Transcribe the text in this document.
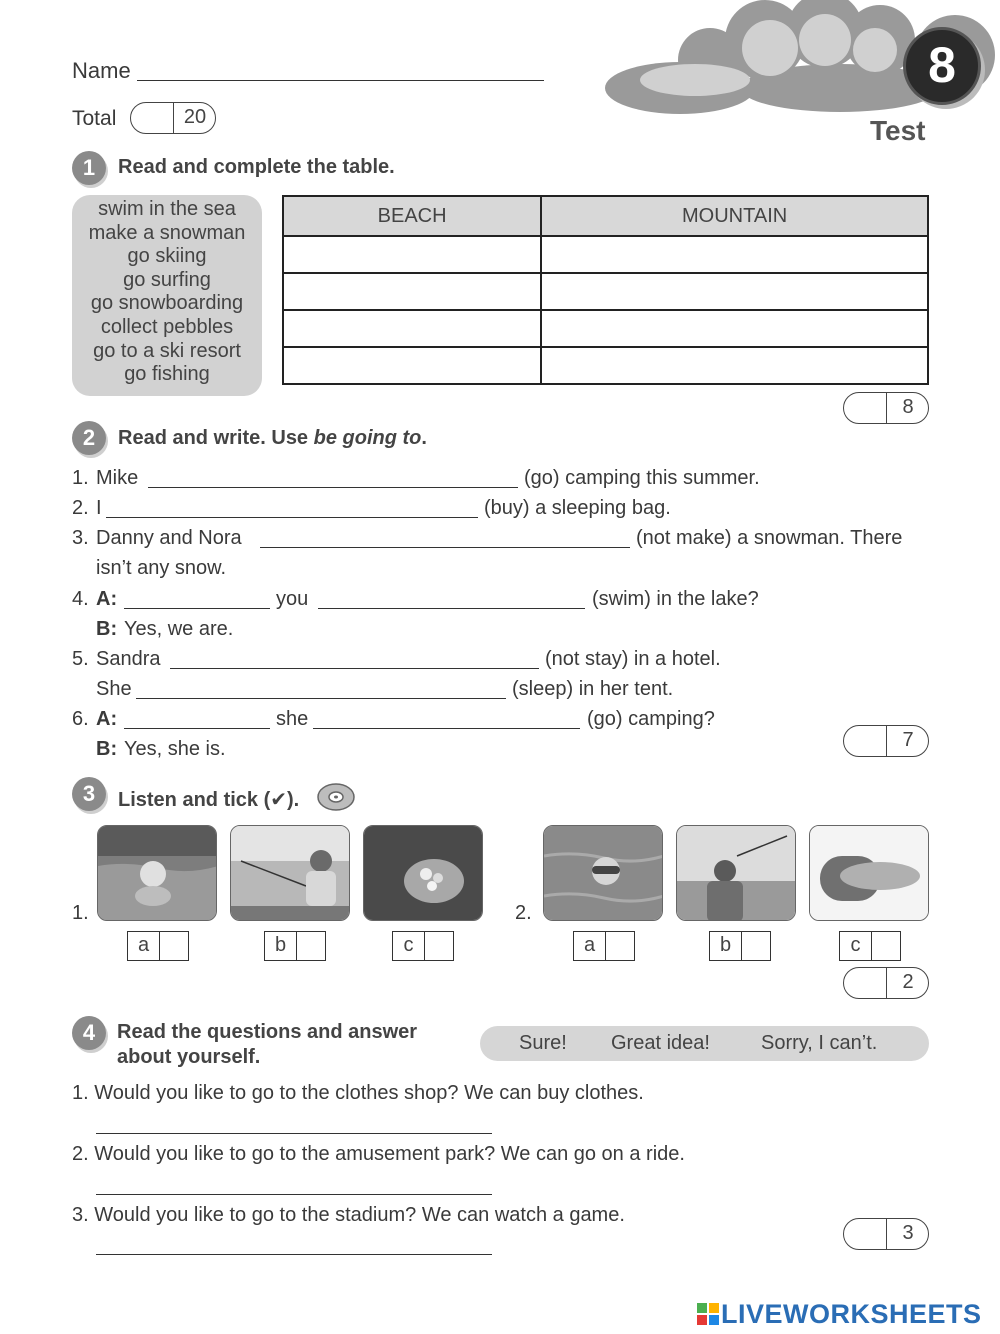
8
Test
Name
Total	20
1	Read and complete the table.
swim in the sea
make a snowman
go skiing
go surfing
go snowboarding
collect pebbles
go to a ski resort
go fishing
BEACH	MOUNTAIN

8
2	Read and write. Use be going to.
1. Mike	(go) camping this summer.
2. I	(buy) a sleeping bag.
3. Danny and Nora	(not make) a snowman. There
isn’t any snow.
4. A:	you	(swim) in the lake?
B: Yes, we are.
5. Sandra	(not stay) in a hotel.
She	(sleep) in her tent.
6. A:	she	(go) camping?
B: Yes, she is.	7
3	Listen and tick (✔).
1.	2.
a	b	c	a	b	c
2
4	Read the questions and answer
about yourself.
Sure! Great idea!	Sorry, I can’t.
1. Would you like to go to the clothes shop? We can buy clothes.
2. Would you like to go to the amusement park? We can go on a ride.
3. Would you like to go to the stadium? We can watch a game.
3
LIVEWORKSHEETS
